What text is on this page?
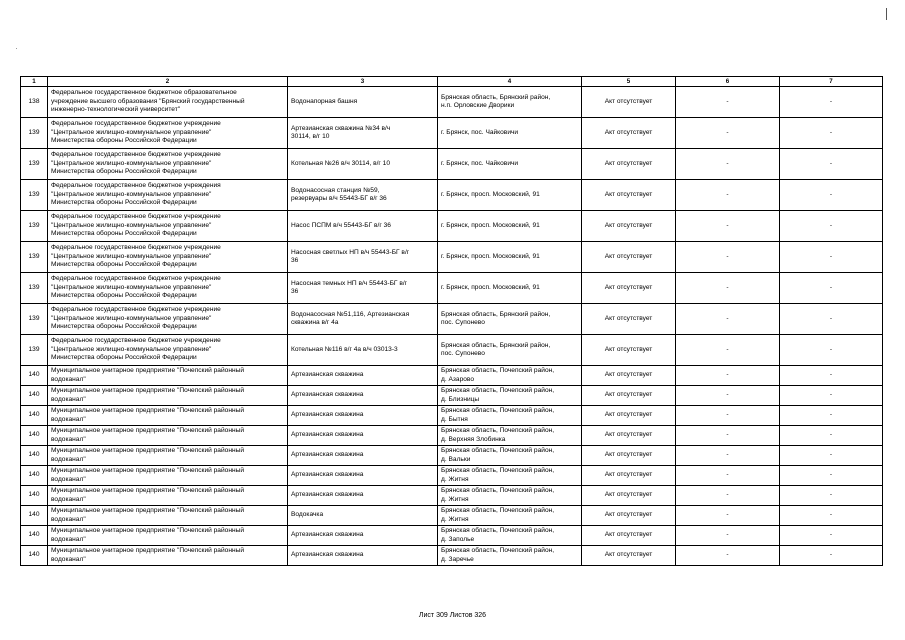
1	2	3	4	5	6	7
138	Федеральное государственное бюджетное образовательное
учреждение высшего образования "Брянский государственный
инженерно-технологический университет"	Водонапорная башня	Брянская область, Брянский район,
н.п. Орловские Дворики	Акт отсутствует	-	-
139	Федеральное государственное бюджетное учреждение
"Центральное жилищно-коммунальное управление"
Министерства обороны Российской Федерации	Артезианская скважина №34 в/ч
30114, в/г 10	г. Брянск, пос. Чайковичи	Акт отсутствует	-	-
139	Федеральное государственное бюджетное учреждение
"Центральное жилищно-коммунальное управление"
Министерства обороны Российской Федерации	Котельная №26 в/ч 30114, в/г 10	г. Брянск, пос. Чайковичи	Акт отсутствует	-	-
139	Федеральное государственное бюджетное учреждения
"Центральное жилищно-коммунальное управление"
Министерства обороны Российской Федерации	Водонасосная станция №59,
резервуары в/ч 55443-БГ в/г 36	г. Брянск, просп. Московский, 91	Акт отсутствует	-	-
139	Федеральное государственное бюджетное учреждение
"Центральное жилищно-коммунальное управление"
Министерства обороны Российской Федерации	Насос ПСПМ в/ч 55443-БГ в/г 36	г. Брянск, просп. Московский, 91	Акт отсутствует	-	-
139	Федеральное государственное бюджетное учреждение
"Центральное жилищно-коммунальное управление"
Министерства обороны Российской Федерации	Насосная светлых НП в/ч 55443-БГ в/г
36	г. Брянск, просп. Московский, 91	Акт отсутствует	-	-
139	Федеральное государственное бюджетное учреждение
"Центральное жилищно-коммунальное управление"
Министерства обороны Российской Федерации	Насосная темных НП в/ч 55443-БГ в/г
36	г. Брянск, просп. Московский, 91	Акт отсутствует	-	-
139	Федеральное государственное бюджетное учреждение
"Центральное жилищно-коммунальное управление"
Министерства обороны Российской Федерации	Водонасосная №51,116, Артезианская
скважина в/г 4а	Брянская область, Брянский район,
пос. Супонево	Акт отсутствует	-	-
139	Федеральное государственное бюджетное учреждение
"Центральное жилищно-коммунальное управление"
Министерства обороны Российской Федерации	Котельная №116 в/г 4а в/ч 03013-3	Брянская область, Брянский район,
пос. Супонево	Акт отсутствует	-	-
140	Муниципальное унитарное предприятие "Почепский районный
водоканал"	Артезианская скважина	Брянская область, Почепский район,
д. Азарово	Акт отсутствует	-	-
140	Муниципальное унитарное предприятие "Почепский районный
водоканал"	Артезианская скважина	Брянская область, Почепский район,
д. Близницы	Акт отсутствует	-	-
140	Муниципальное унитарное предприятие "Почепский районный
водоканал"	Артезианская скважина	Брянская область, Почепский район,
д. Бытня	Акт отсутствует	-	-
140	Муниципальное унитарное предприятие "Почепский районный
водоканал"	Артезианская скважина	Брянская область, Почепский район,
д. Верхняя Злобинка	Акт отсутствует	-	-
140	Муниципальное унитарное предприятие "Почепский районный
водоканал"	Артезианская скважина	Брянская область, Почепский район,
д. Вальки	Акт отсутствует	-	-
140	Муниципальное унитарное предприятие "Почепский районный
водоканал"	Артезианская скважина	Брянская область, Почепский район,
д. Житня	Акт отсутствует	-	-
140	Муниципальное унитарное предприятие "Почепский районный
водоканал"	Артезианская скважина	Брянская область, Почепский район,
д. Житня	Акт отсутствует	-	-
140	Муниципальное унитарное предприятие "Почепский районный
водоканал"	Водокачка	Брянская область, Почепский район,
д. Житня	Акт отсутствует	-	-
140	Муниципальное унитарное предприятие "Почепский районный
водоканал"	Артезианская скважина	Брянская область, Почепский район,
д. Заполье	Акт отсутствует	-	-
140	Муниципальное унитарное предприятие "Почепский районный
водоканал"	Артезианская скважина	Брянская область, Почепский район,
д. Заречье	Акт отсутствует	-	-
Лист 309 Листов 326
